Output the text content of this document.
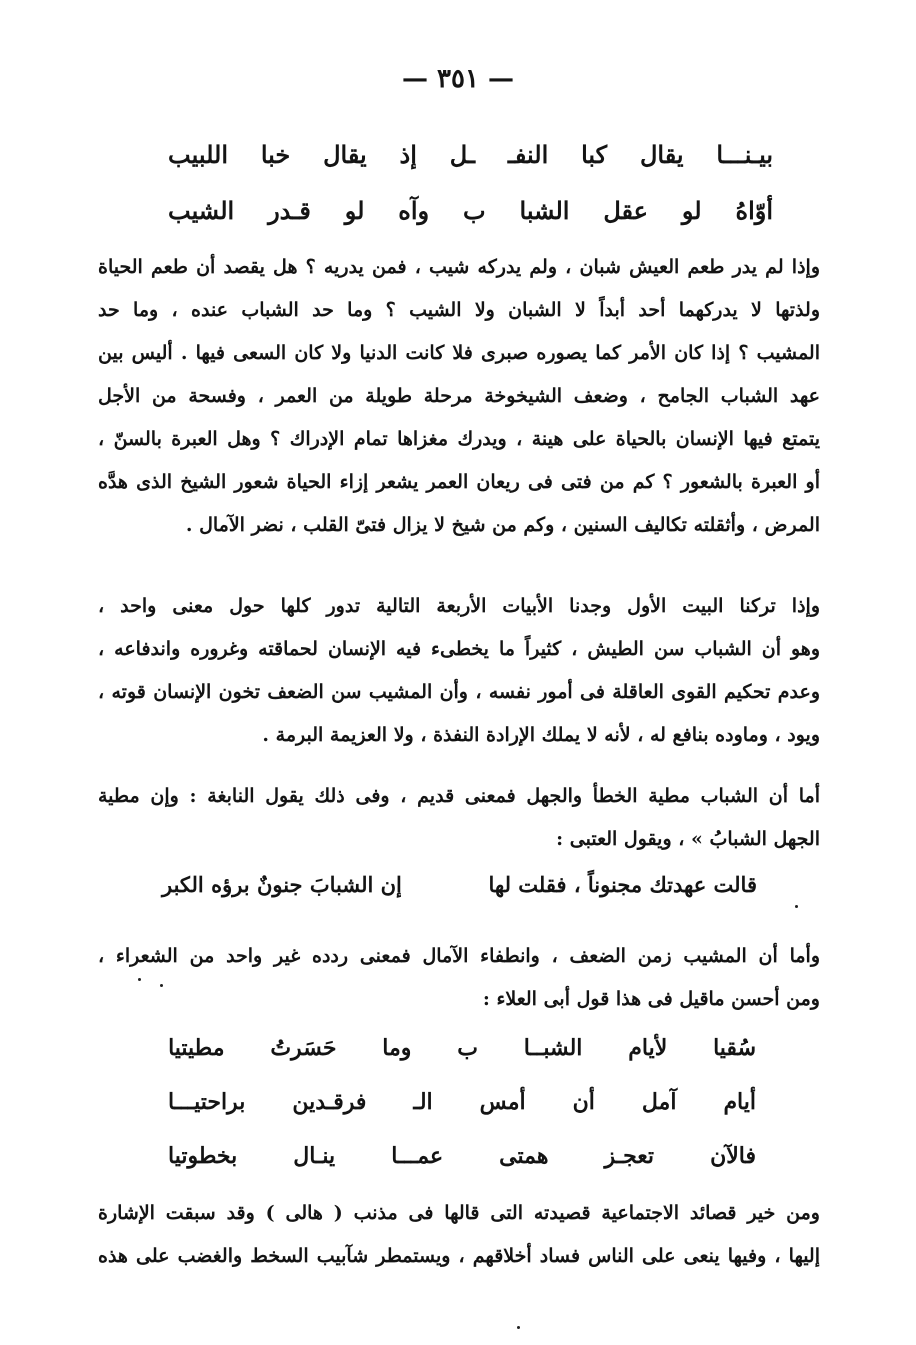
— ٣٥١ —
بيـنـــا
يقال
كبا
النفـ
ـل
إذ
يقال
خبا
اللبيب
أوّاهُ
لو
عقل
الشبا
ب
وآه
لو
قـدر
الشيب
وإذا لم يدر طعم العيش شبان ، ولم يدركه شيب ، فمن يدريه ؟ هل يقصد أن طعم الحياة
ولذتها لا يدركهما أحد أبداً لا الشبان ولا الشيب ؟ وما حد الشباب عنده ، وما حد
المشيب ؟ إذا كان الأمر كما يصوره صبرى فلا كانت الدنيا ولا كان السعى فيها . أليس بين
عهد الشباب الجامح ، وضعف الشيخوخة مرحلة طويلة من العمر ، وفسحة من الأجل
يتمتع فيها الإنسان بالحياة على هينة ، ويدرك مغزاها تمام الإدراك ؟ وهل العبرة بالسنّ ،
أو العبرة بالشعور ؟ كم من فتى فى ريعان العمر يشعر إزاء الحياة شعور الشيخ الذى هدَّه
المرض ، وأثقلته تكاليف السنين ، وكم من شيخ لا يزال فتىّ القلب ، نضر الآمال .
وإذا تركنا البيت الأول وجدنا الأبيات الأربعة التالية تدور كلها حول معنى واحد ،
وهو أن الشباب سن الطيش ، كثيراً ما يخطىء فيه الإنسان لحماقته وغروره واندفاعه ،
وعدم تحكيم القوى العاقلة فى أمور نفسه ، وأن المشيب سن الضعف تخون الإنسان قوته ،
ويود ، وماوده بنافع له ، لأنه لا يملك الإرادة النفذة ، ولا العزيمة البرمة .
أما أن الشباب مطية الخطأ والجهل فمعنى قديم ، وفى ذلك يقول النابغة : وإن مطية
الجهل الشبابُ » ، ويقول العتبى :
قالت عهدتك مجنوناً ، فقلت لها
إن الشبابَ جنونٌ برؤه الكبر
وأما أن المشيب زمن الضعف ، وانطفاء الآمال فمعنى ردده غير واحد من الشعراء ،
ومن أحسن ماقيل فى هذا قول أبى العلاء :
سُقيا
لأيام
الشبــا
ب
وما
حَسَرتُ
مطيتيا
أيام
آمل
أن
أمس
الـ
فرقـدين
براحتيـــا
فالآن
تعجـز
همتى
عمـــا
ينـال
بخطوتيا
ومن خير قصائد الاجتماعية قصيدته التى قالها فى مذنب ( هالى ) وقد سبقت الإشارة
إليها ، وفيها ينعى على الناس فساد أخلاقهم ، ويستمطر شآبيب السخط والغضب على هذه
